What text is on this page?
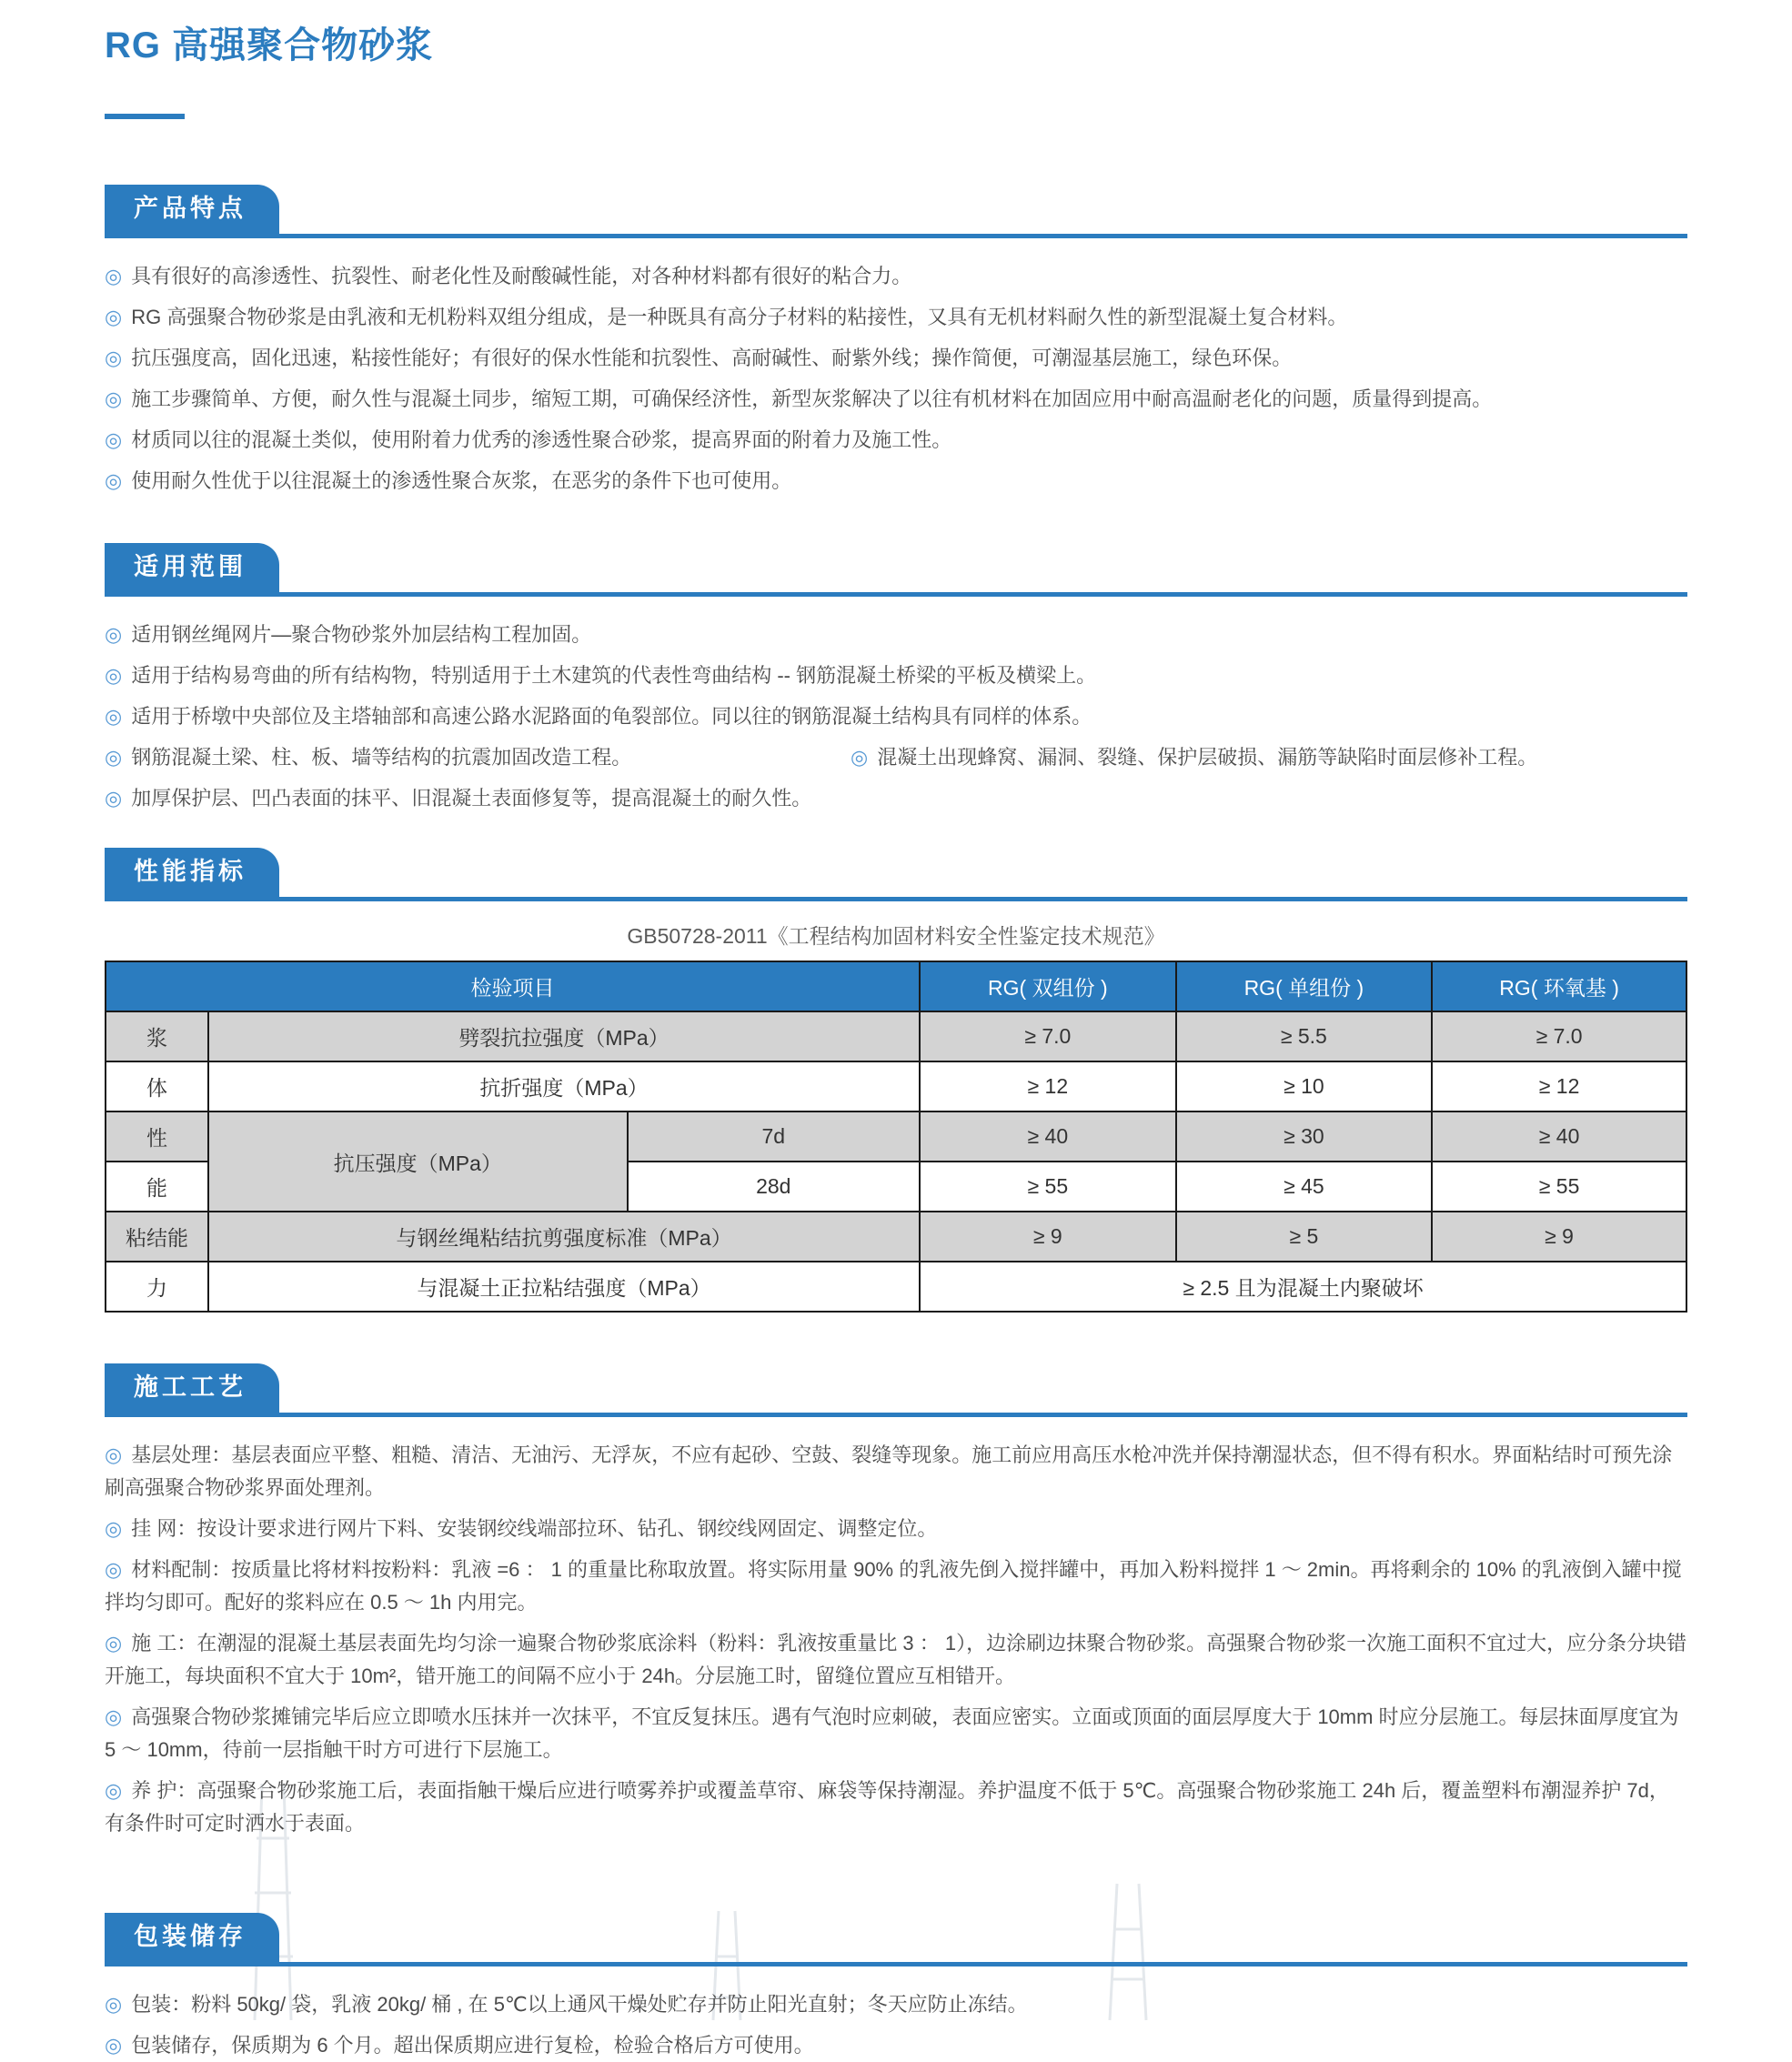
RG 高强聚合物砂浆
产品特点
◎ 具有很好的高渗透性、抗裂性、耐老化性及耐酸碱性能，对各种材料都有很好的粘合力。
◎ RG 高强聚合物砂浆是由乳液和无机粉料双组分组成，是一种既具有高分子材料的粘接性，又具有无机材料耐久性的新型混凝土复合材料。
◎ 抗压强度高，固化迅速，粘接性能好；有很好的保水性能和抗裂性、高耐碱性、耐紫外线；操作简便，可潮湿基层施工，绿色环保。
◎ 施工步骤简单、方便，耐久性与混凝土同步，缩短工期，可确保经济性，新型灰浆解决了以往有机材料在加固应用中耐高温耐老化的问题，质量得到提高。
◎ 材质同以往的混凝土类似，使用附着力优秀的渗透性聚合砂浆，提高界面的附着力及施工性。
◎ 使用耐久性优于以往混凝土的渗透性聚合灰浆，在恶劣的条件下也可使用。
适用范围
◎ 适用钢丝绳网片—聚合物砂浆外加层结构工程加固。
◎ 适用于结构易弯曲的所有结构物，特别适用于土木建筑的代表性弯曲结构 -- 钢筋混凝土桥梁的平板及横梁上。
◎ 适用于桥墩中央部位及主塔轴部和高速公路水泥路面的龟裂部位。同以往的钢筋混凝土结构具有同样的体系。
◎ 钢筋混凝土梁、柱、板、墙等结构的抗震加固改造工程。	◎ 混凝土出现蜂窝、漏洞、裂缝、保护层破损、漏筋等缺陷时面层修补工程。
◎ 加厚保护层、凹凸表面的抹平、旧混凝土表面修复等，提高混凝土的耐久性。
性能指标
GB50728-2011《工程结构加固材料安全性鉴定技术规范》
检验项目			RG( 双组份 )	RG( 单组份 )	RG( 环氧基 )
浆	劈裂抗拉强度（MPa）		≥ 7.0	≥ 5.5	≥ 7.0
体	抗折强度（MPa）		≥ 12	≥ 10	≥ 12
性	抗压强度（MPa）	7d	≥ 40	≥ 30	≥ 40
能		28d	≥ 55	≥ 45	≥ 55
粘结能	与钢丝绳粘结抗剪强度标准（MPa）		≥ 9	≥ 5	≥ 9
力	与混凝土正拉粘结强度（MPa）		≥ 2.5 且为混凝土内聚破坏		
施工工艺
◎ 基层处理：基层表面应平整、粗糙、清洁、无油污、无浮灰，不应有起砂、空鼓、裂缝等现象。施工前应用高压水枪冲洗并保持潮湿状态，但不得有积水。界面粘结时可预先涂刷高强聚合物砂浆界面处理剂。
◎ 挂 网：按设计要求进行网片下料、安装钢绞线端部拉环、钻孔、钢绞线网固定、调整定位。
◎ 材料配制：按质量比将材料按粉料：乳液 =6 ： 1 的重量比称取放置。将实际用量 90% 的乳液先倒入搅拌罐中，再加入粉料搅拌 1 ～ 2min。再将剩余的 10% 的乳液倒入罐中搅拌均匀即可。配好的浆料应在 0.5 ～ 1h 内用完。
◎ 施 工：在潮湿的混凝土基层表面先均匀涂一遍聚合物砂浆底涂料（粉料：乳液按重量比 3 ： 1），边涂刷边抹聚合物砂浆。高强聚合物砂浆一次施工面积不宜过大，应分条分块错开施工，每块面积不宜大于 10m²，错开施工的间隔不应小于 24h。分层施工时，留缝位置应互相错开。
◎ 高强聚合物砂浆摊铺完毕后应立即喷水压抹并一次抹平，不宜反复抹压。遇有气泡时应刺破，表面应密实。立面或顶面的面层厚度大于 10mm 时应分层施工。每层抹面厚度宜为 5 ～ 10mm，待前一层指触干时方可进行下层施工。
◎ 养 护：高强聚合物砂浆施工后，表面指触干燥后应进行喷雾养护或覆盖草帘、麻袋等保持潮湿。养护温度不低于 5℃。高强聚合物砂浆施工 24h 后，覆盖塑料布潮湿养护 7d，有条件时可定时洒水于表面。
包装储存
◎ 包装：粉料 50kg/ 袋，乳液 20kg/ 桶 , 在 5℃以上通风干燥处贮存并防止阳光直射；冬天应防止冻结。
◎ 包装储存，保质期为 6 个月。超出保质期应进行复检，检验合格后方可使用。
